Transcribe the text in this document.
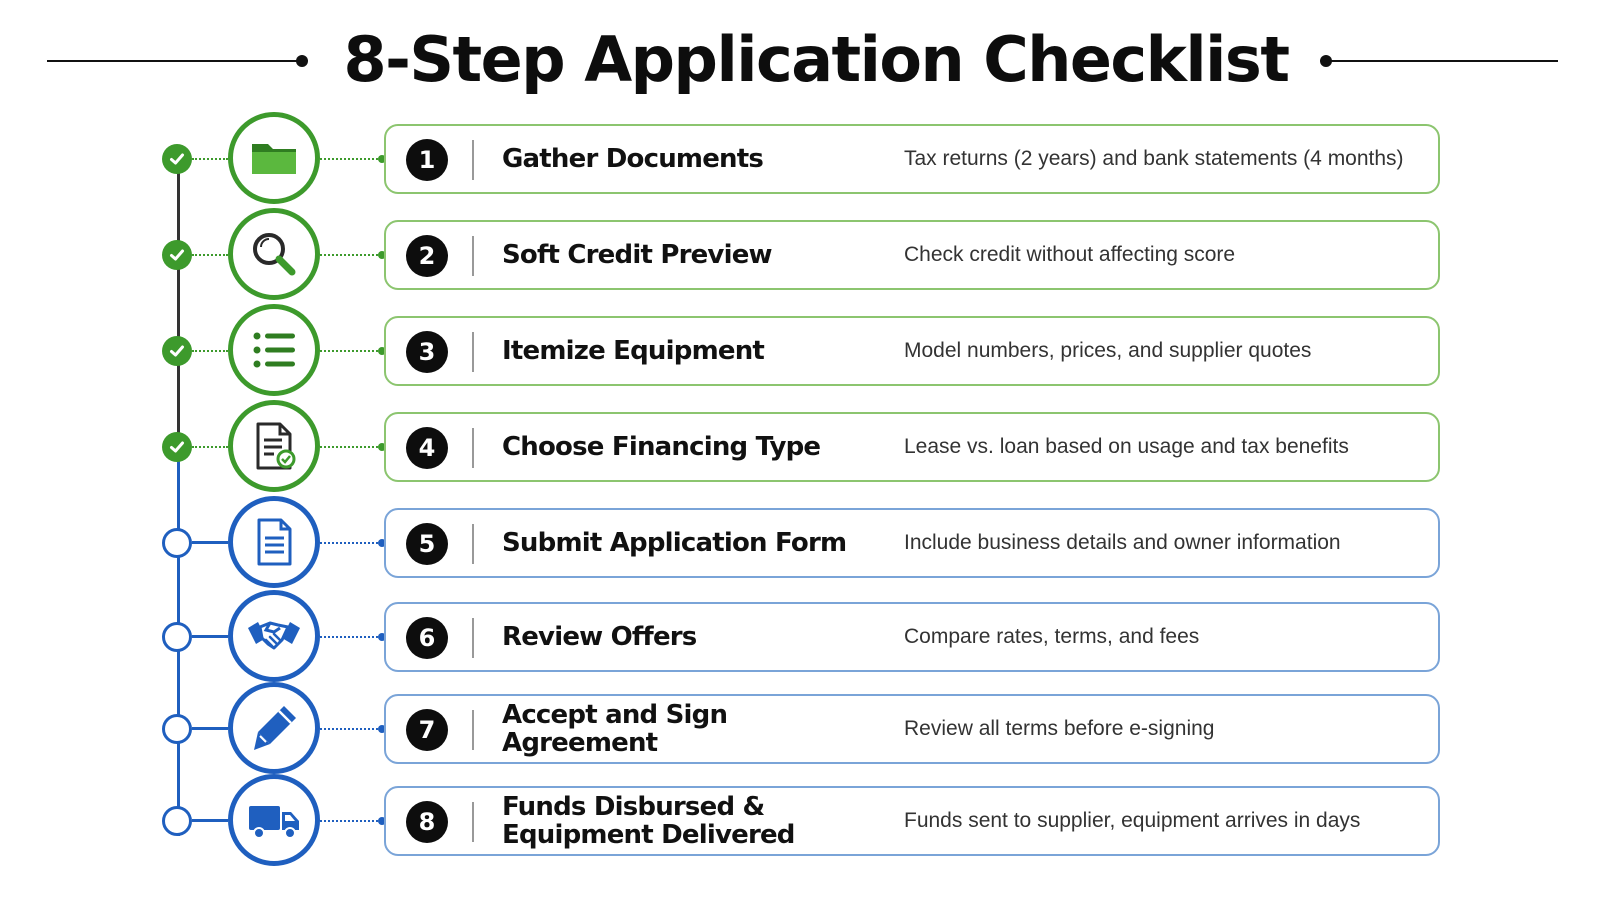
8-Step Application Checklist
1	Gather Documents	Tax returns (2 years) and bank statements (4 months)
2	Soft Credit Preview	Check credit without affecting score
3	Itemize Equipment	Model numbers, prices, and supplier quotes
4	Choose Financing Type	Lease vs. loan based on usage and tax benefits
5	Submit Application Form	Include business details and owner information
6	Review Offers	Compare rates, terms, and fees
7	Accept and Sign Agreement	Review all terms before e-signing
8	Funds Disbursed & Equipment Delivered	Funds sent to supplier, equipment arrives in days
